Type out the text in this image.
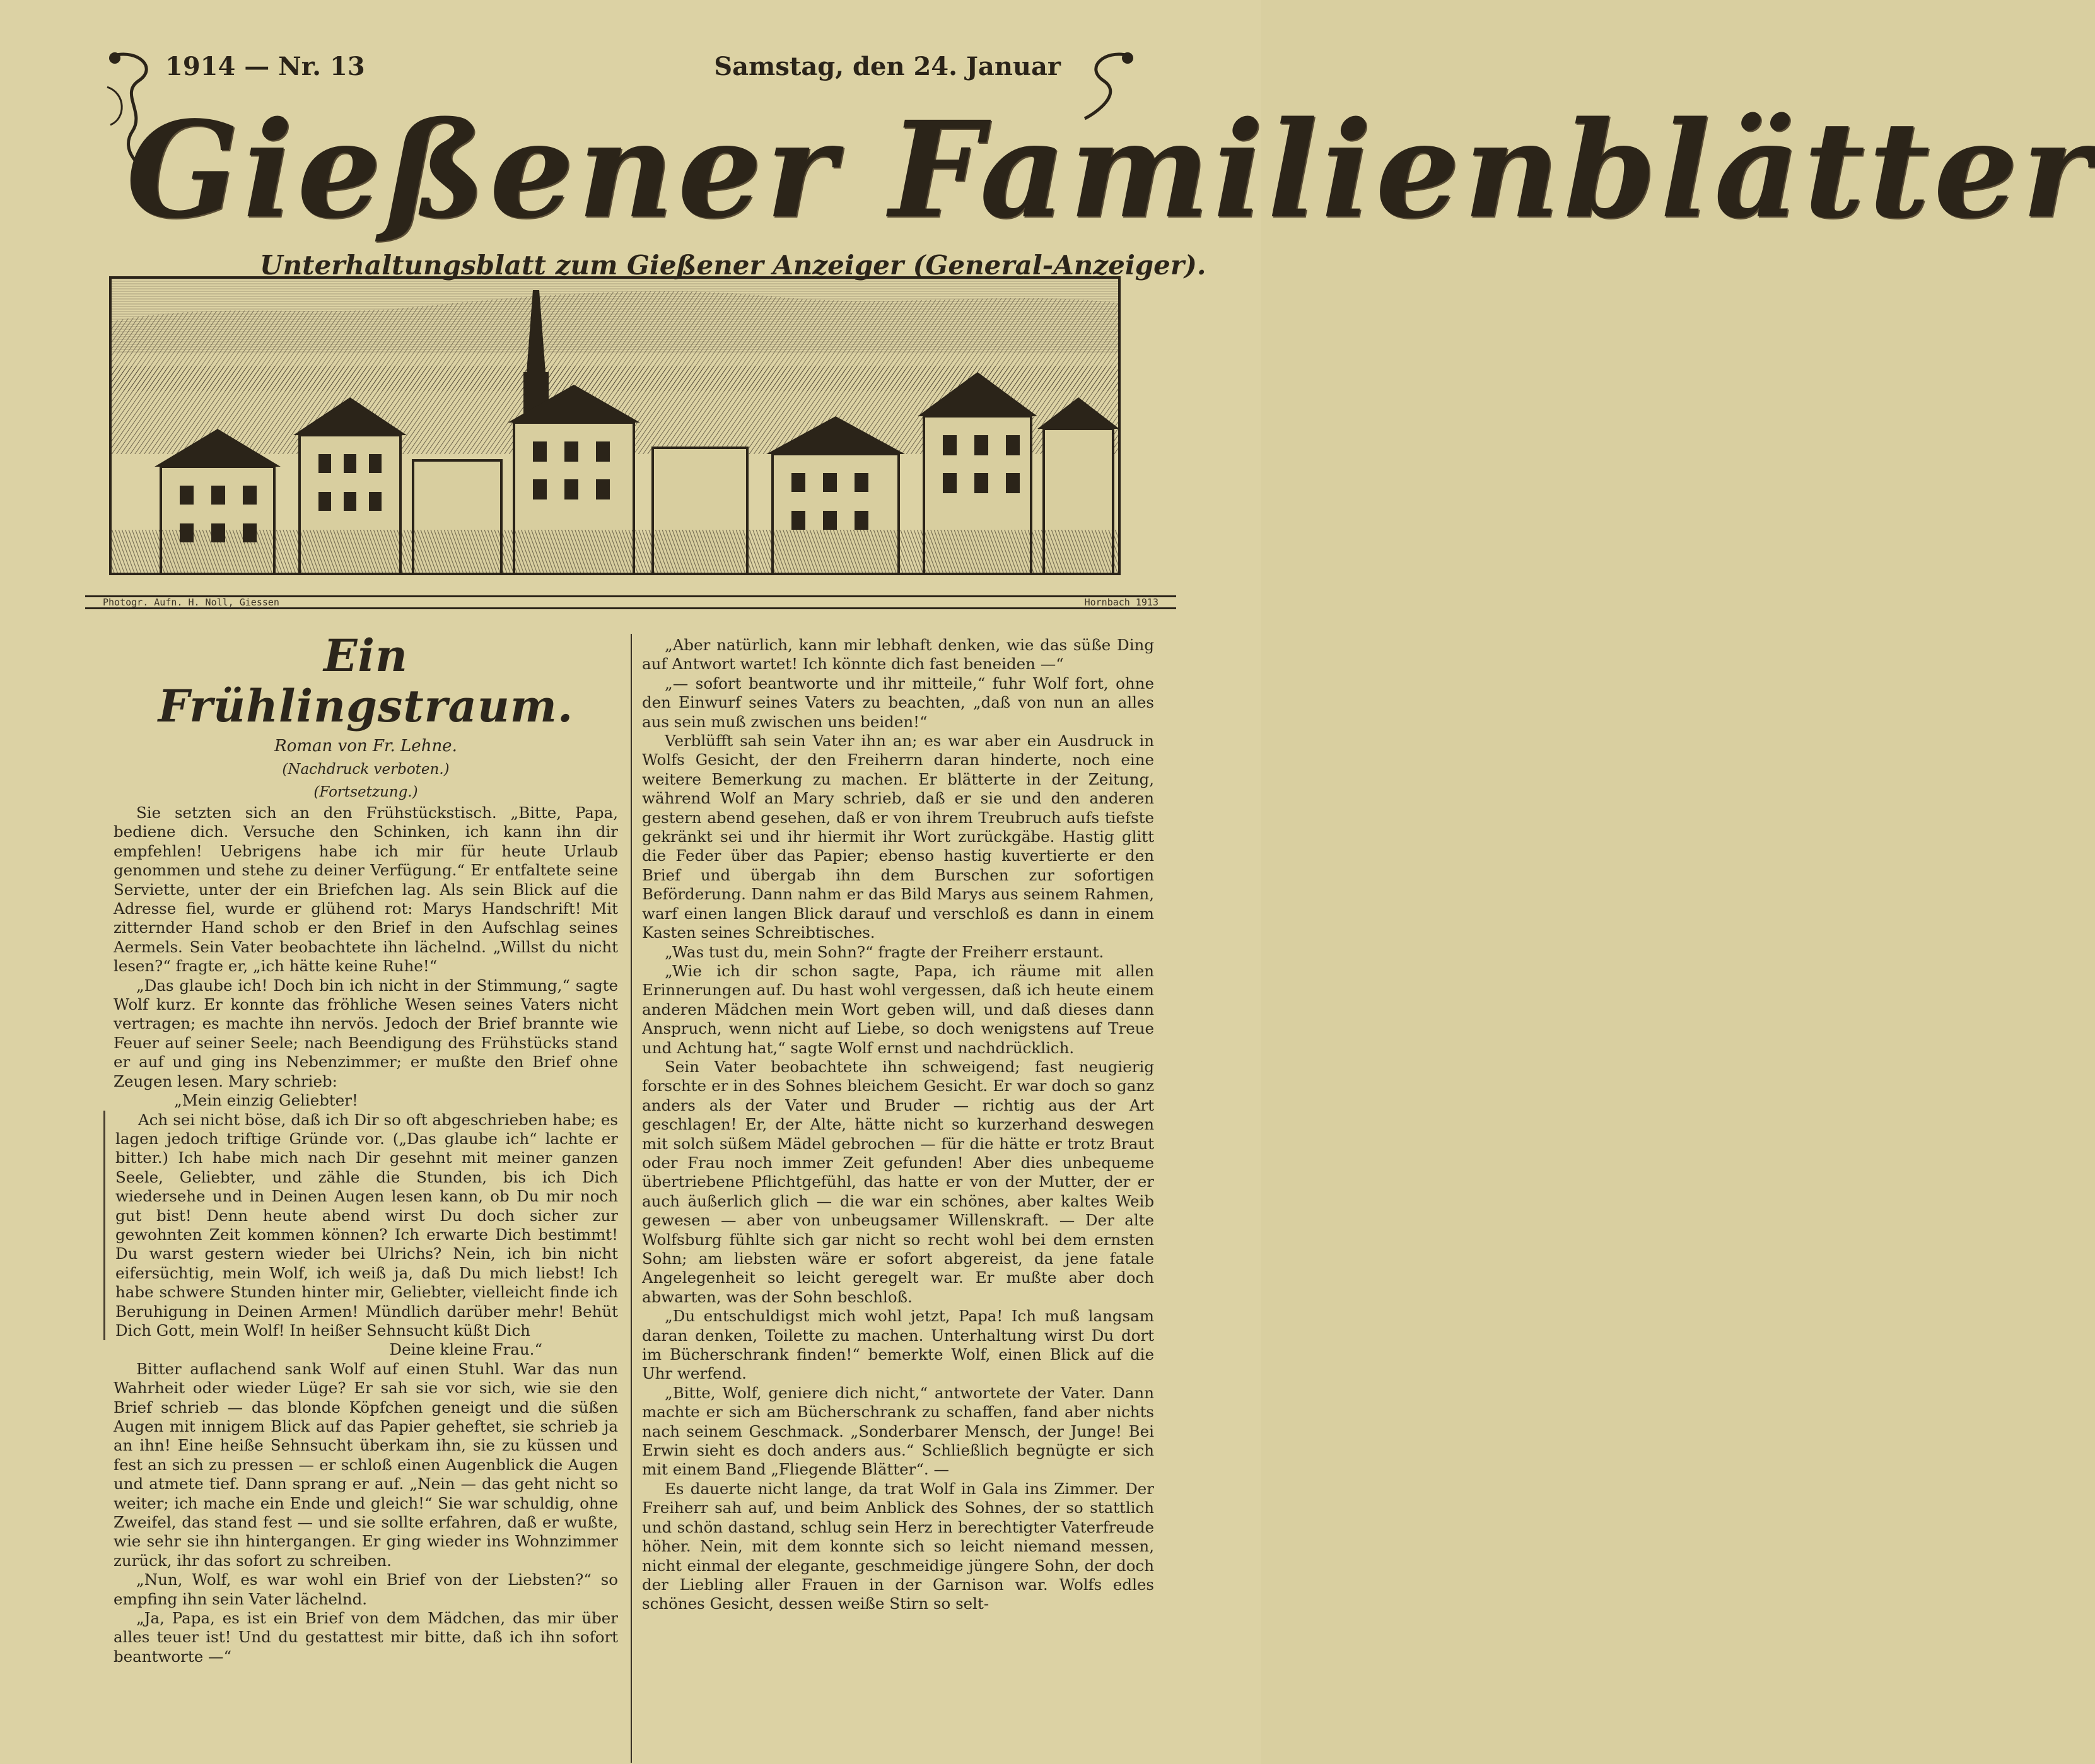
1914 — Nr. 13	Samstag, den 24. Januar
Gießener Familienblätter
Unterhaltungsblatt zum Gießener Anzeiger (General-Anzeiger).
Photogr. Aufn. H. Noll, Giessen	Hornbach 1913
Ein Frühlingstraum.
Roman von Fr. Lehne.
(Nachdruck verboten.)
(Fortsetzung.)

Sie setzten sich an den Frühstückstisch. „Bitte, Papa, bediene dich. Versuche den Schinken, ich kann ihn dir empfehlen! Uebrigens habe ich mir für heute Urlaub genommen und stehe zu deiner Verfügung.“ Er entfaltete seine Serviette, unter der ein Briefchen lag. Als sein Blick auf die Adresse fiel, wurde er glühend rot: Marys Handschrift! Mit zitternder Hand schob er den Brief in den Aufschlag seines Aermels. Sein Vater beobachtete ihn lächelnd. „Willst du nicht lesen?“ fragte er, „ich hätte keine Ruhe!“

„Das glaube ich! Doch bin ich nicht in der Stimmung,“ sagte Wolf kurz. Er konnte das fröhliche Wesen seines Vaters nicht vertragen; es machte ihn nervös. Jedoch der Brief brannte wie Feuer auf seiner Seele; nach Beendigung des Frühstücks stand er auf und ging ins Nebenzimmer; er mußte den Brief ohne Zeugen lesen. Mary schrieb:

„Mein einzig Geliebter!

Ach sei nicht böse, daß ich Dir so oft abgeschrieben habe; es lagen jedoch triftige Gründe vor. („Das glaube ich“ lachte er bitter.) Ich habe mich nach Dir gesehnt mit meiner ganzen Seele, Geliebter, und zähle die Stunden, bis ich Dich wiedersehe und in Deinen Augen lesen kann, ob Du mir noch gut bist! Denn heute abend wirst Du doch sicher zur gewohnten Zeit kommen können? Ich erwarte Dich bestimmt! Du warst gestern wieder bei Ulrichs? Nein, ich bin nicht eifersüchtig, mein Wolf, ich weiß ja, daß Du mich liebst! Ich habe schwere Stunden hinter mir, Geliebter, vielleicht finde ich Beruhigung in Deinen Armen! Mündlich darüber mehr! Behüt Dich Gott, mein Wolf! In heißer Sehnsucht küßt Dich

Deine kleine Frau.“

Bitter auflachend sank Wolf auf einen Stuhl. War das nun Wahrheit oder wieder Lüge? Er sah sie vor sich, wie sie den Brief schrieb — das blonde Köpfchen geneigt und die süßen Augen mit innigem Blick auf das Papier geheftet, sie schrieb ja an ihn! Eine heiße Sehnsucht überkam ihn, sie zu küssen und fest an sich zu pressen — er schloß einen Augenblick die Augen und atmete tief. Dann sprang er auf. „Nein — das geht nicht so weiter; ich mache ein Ende und gleich!“ Sie war schuldig, ohne Zweifel, das stand fest — und sie sollte erfahren, daß er wußte, wie sehr sie ihn hintergangen. Er ging wieder ins Wohnzimmer zurück, ihr das sofort zu schreiben.

„Nun, Wolf, es war wohl ein Brief von der Liebsten?“ so empfing ihn sein Vater lächelnd.

„Ja, Papa, es ist ein Brief von dem Mädchen, das mir über alles teuer ist! Und du gestattest mir bitte, daß ich ihn sofort beantworte —“

„Aber natürlich, kann mir lebhaft denken, wie das süße Ding auf Antwort wartet! Ich könnte dich fast beneiden —“

„— sofort beantworte und ihr mitteile,“ fuhr Wolf fort, ohne den Einwurf seines Vaters zu beachten, „daß von nun an alles aus sein muß zwischen uns beiden!“

Verblüfft sah sein Vater ihn an; es war aber ein Ausdruck in Wolfs Gesicht, der den Freiherrn daran hinderte, noch eine weitere Bemerkung zu machen. Er blätterte in der Zeitung, während Wolf an Mary schrieb, daß er sie und den anderen gestern abend gesehen, daß er von ihrem Treubruch aufs tiefste gekränkt sei und ihr hiermit ihr Wort zurückgäbe. Hastig glitt die Feder über das Papier; ebenso hastig kuvertierte er den Brief und übergab ihn dem Burschen zur sofortigen Beförderung. Dann nahm er das Bild Marys aus seinem Rahmen, warf einen langen Blick darauf und verschloß es dann in einem Kasten seines Schreibtisches.

„Was tust du, mein Sohn?“ fragte der Freiherr erstaunt.

„Wie ich dir schon sagte, Papa, ich räume mit allen Erinnerungen auf. Du hast wohl vergessen, daß ich heute einem anderen Mädchen mein Wort geben will, und daß dieses dann Anspruch, wenn nicht auf Liebe, so doch wenigstens auf Treue und Achtung hat,“ sagte Wolf ernst und nachdrücklich.

Sein Vater beobachtete ihn schweigend; fast neugierig forschte er in des Sohnes bleichem Gesicht. Er war doch so ganz anders als der Vater und Bruder — richtig aus der Art geschlagen! Er, der Alte, hätte nicht so kurzerhand deswegen mit solch süßem Mädel gebrochen — für die hätte er trotz Braut oder Frau noch immer Zeit gefunden! Aber dies unbequeme übertriebene Pflichtgefühl, das hatte er von der Mutter, der er auch äußerlich glich — die war ein schönes, aber kaltes Weib gewesen — aber von unbeugsamer Willenskraft. — Der alte Wolfsburg fühlte sich gar nicht so recht wohl bei dem ernsten Sohn; am liebsten wäre er sofort abgereist, da jene fatale Angelegenheit so leicht geregelt war. Er mußte aber doch abwarten, was der Sohn beschloß.

„Du entschuldigst mich wohl jetzt, Papa! Ich muß langsam daran denken, Toilette zu machen. Unterhaltung wirst Du dort im Bücherschrank finden!“ bemerkte Wolf, einen Blick auf die Uhr werfend.

„Bitte, Wolf, geniere dich nicht,“ antwortete der Vater. Dann machte er sich am Bücherschrank zu schaffen, fand aber nichts nach seinem Geschmack. „Sonderbarer Mensch, der Junge! Bei Erwin sieht es doch anders aus.“ Schließlich begnügte er sich mit einem Band „Fliegende Blätter“. —

Es dauerte nicht lange, da trat Wolf in Gala ins Zimmer. Der Freiherr sah auf, und beim Anblick des Sohnes, der so stattlich und schön dastand, schlug sein Herz in berechtigter Vaterfreude höher. Nein, mit dem konnte sich so leicht niemand messen, nicht einmal der elegante, geschmeidige jüngere Sohn, der doch der Liebling aller Frauen in der Garnison war. Wolfs edles schönes Gesicht, dessen weiße Stirn so selt-
